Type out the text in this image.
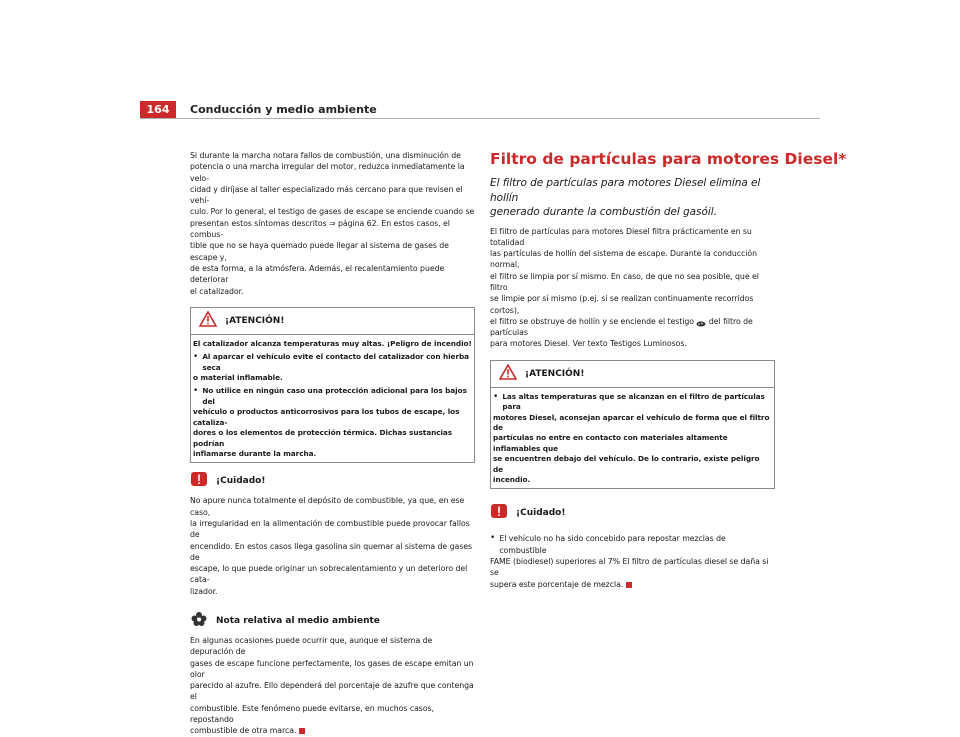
164	Conducción y medio ambiente

Si durante la marcha notara fallos de combustión, una disminución de

potencia o una marcha irregular del motor, reduzca inmediatamente la velo-

cidad y diríjase al taller especializado más cercano para que revisen el vehí-

culo. Por lo general, el testigo de gases de escape se enciende cuando se

presentan estos síntomas descritos ⇒ página 62. En estos casos, el combus-

tible que no se haya quemado puede llegar al sistema de gases de escape y,

de esta forma, a la atmósfera. Además, el recalentamiento puede deteriorar

el catalizador.

¡ATENCIÓN!

El catalizador alcanza temperaturas muy altas. ¡Peligro de incendio!

• Al aparcar el vehículo evite el contacto del catalizador con hierba seca

o material inflamable.

• No utilice en ningún caso una protección adicional para los bajos del

vehículo o productos anticorrosivos para los tubos de escape, los cataliza-

dores o los elementos de protección térmica. Dichas sustancias podrían

inflamarse durante la marcha.

¡Cuidado!

No apure nunca totalmente el depósito de combustible, ya que, en ese caso,

la irregularidad en la alimentación de combustible puede provocar fallos de

encendido. En estos casos llega gasolina sin quemar al sistema de gases de

escape, lo que puede originar un sobrecalentamiento y un deterioro del cata-

lizador.

Nota relativa al medio ambiente

En algunas ocasiones puede ocurrir que, aunque el sistema de depuración de

gases de escape funcione perfectamente, los gases de escape emitan un olor

parecido al azufre. Ello dependerá del porcentaje de azufre que contenga el

combustible. Este fenómeno puede evitarse, en muchos casos, repostando

combustible de otra marca.

Filtro de partículas para motores Diesel*

El filtro de partículas para motores Diesel elimina el hollín

generado durante la combustión del gasóil.

El filtro de partículas para motores Diesel filtra prácticamente en su totalidad

las partículas de hollín del sistema de escape. Durante la conducción normal,

el filtro se limpia por sí mismo. En caso, de que no sea posible, que el filtro

se limpie por sí mismo (p.ej. si se realizan continuamente recorridos cortos),

el filtro se obstruye de hollín y se enciende el testigo del filtro de partículas

para motores Diesel. Ver texto Testigos Luminosos.

¡ATENCIÓN!
• Las altas temperaturas que se alcanzan en el filtro de partículas para

motores Diesel, aconsejan aparcar el vehículo de forma que el filtro de

partículas no entre en contacto con materiales altamente inflamables que

se encuentren debajo del vehículo. De lo contrario, existe peligro de

incendio.

¡Cuidado!
• El vehículo no ha sido concebido para repostar mezclas de combustible

FAME (biodiesel) superiores al 7% El filtro de partículas diesel se daña si se

supera este porcentaje de mezcla.
